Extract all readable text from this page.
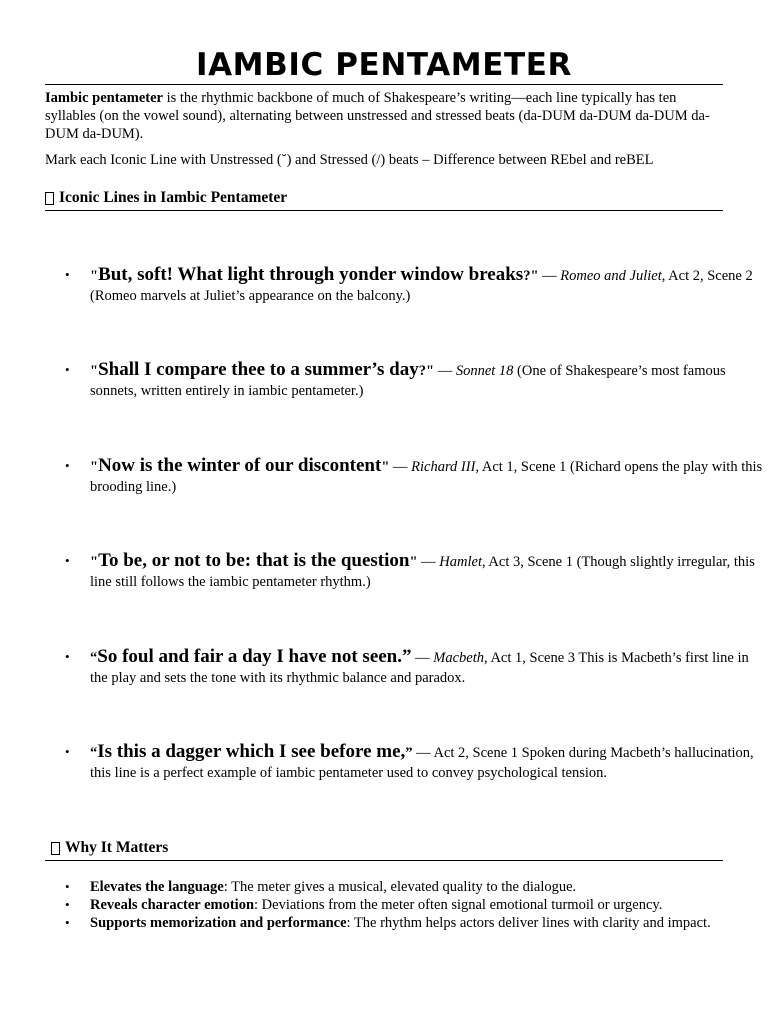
IAMBIC PENTAMETER

Iambic pentameter is the rhythmic backbone of much of Shakespeare’s writing—each line typically has ten syllables (on the vowel sound), alternating between unstressed and stressed beats (da-DUM da-DUM da-DUM da-DUM da-DUM).

Mark each Iconic Line with Unstressed (˘) and Stressed (/) beats – Difference between REbel and reBEL

Iconic Lines in Iambic Pentameter
• "But, soft! What light through yonder window breaks?" — Romeo and Juliet, Act 2, Scene 2 (Romeo marvels at Juliet’s appearance on the balcony.)
• "Shall I compare thee to a summer’s day?" — Sonnet 18 (One of Shakespeare’s most famous sonnets, written entirely in iambic pentameter.)
• "Now is the winter of our discontent" — Richard III, Act 1, Scene 1 (Richard opens the play with this brooding line.)
• "To be, or not to be: that is the question" — Hamlet, Act 3, Scene 1 (Though slightly irregular, this line still follows the iambic pentameter rhythm.)
• “So foul and fair a day I have not seen.” — Macbeth, Act 1, Scene 3 This is Macbeth’s first line in the play and sets the tone with its rhythmic balance and paradox.
• “Is this a dagger which I see before me,” — Act 2, Scene 1 Spoken during Macbeth’s hallucination, this line is a perfect example of iambic pentameter used to convey psychological tension.
Why It Matters
• Elevates the language: The meter gives a musical, elevated quality to the dialogue.
• Reveals character emotion: Deviations from the meter often signal emotional turmoil or urgency.
• Supports memorization and performance: The rhythm helps actors deliver lines with clarity and impact.
